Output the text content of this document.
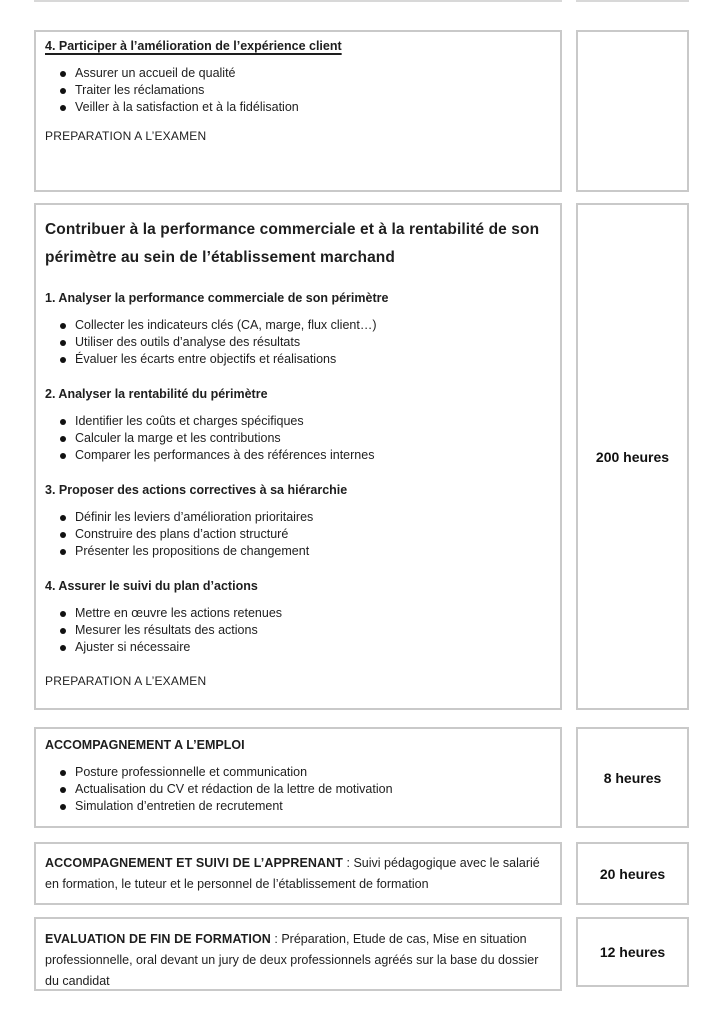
4. Participer à l’amélioration de l’expérience client
Assurer un accueil de qualité
Traiter les réclamations
Veiller à la satisfaction et à la fidélisation
PREPARATION A L’EXAMEN
Contribuer à la performance commerciale et à la rentabilité de son périmètre au sein de l’établissement marchand
1. Analyser la performance commerciale de son périmètre
Collecter les indicateurs clés (CA, marge, flux client…)
Utiliser des outils d’analyse des résultats
Évaluer les écarts entre objectifs et réalisations
2. Analyser la rentabilité du périmètre
Identifier les coûts et charges spécifiques
Calculer la marge et les contributions
Comparer les performances à des références internes
3. Proposer des actions correctives à sa hiérarchie
Définir les leviers d’amélioration prioritaires
Construire des plans d’action structuré
Présenter les propositions de changement
4. Assurer le suivi du plan d’actions
Mettre en œuvre les actions retenues
Mesurer les résultats des actions
Ajuster si nécessaire
PREPARATION A L’EXAMEN
200 heures
ACCOMPAGNEMENT A L’EMPLOI
Posture professionnelle et communication
Actualisation du CV et rédaction de la lettre de motivation
Simulation d’entretien de recrutement
8 heures
ACCOMPAGNEMENT ET SUIVI DE L’APPRENANT : Suivi pédagogique avec le salarié en formation, le tuteur et le personnel de l’établissement de formation
20 heures
EVALUATION DE FIN DE FORMATION : Préparation, Etude de cas, Mise en situation professionnelle, oral devant un jury de deux professionnels agréés sur la base du dossier du candidat
12 heures
